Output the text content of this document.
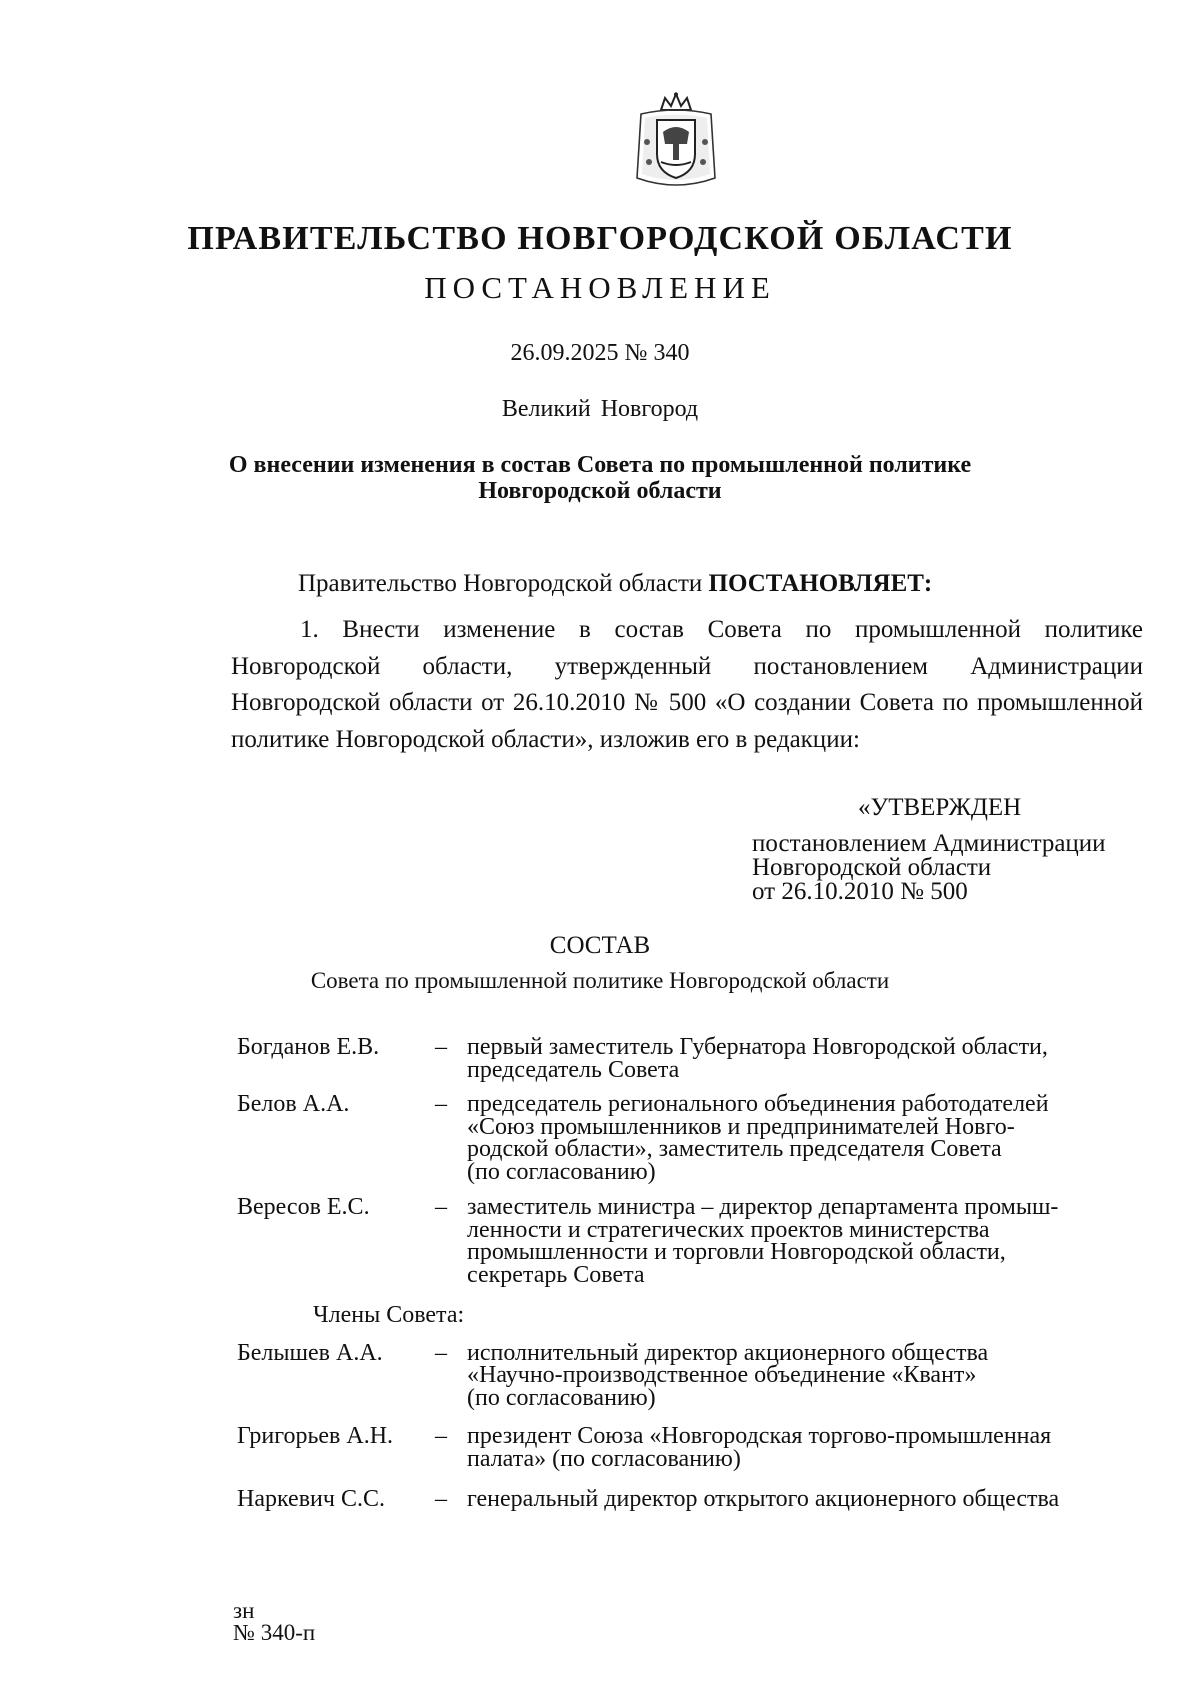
ПРАВИТЕЛЬСТВО НОВГОРОДСКОЙ ОБЛАСТИ
ПОСТАНОВЛЕНИЕ
26.09.2025 № 340
Великий Новгород
О внесении изменения в состав Совета по промышленной политике
Новгородской области
Правительство Новгородской области ПОСТАНОВЛЯЕТ:
1. Внести изменение в состав Совета по промышленной политике Новгородской области, утвержденный постановлением Администрации Новгородской области от 26.10.2010 № 500 «О создании Совета по промышленной политике Новгородской области», изложив его в редакции:
«УТВЕРЖДЕН
постановлением Администрации
Новгородской области
от 26.10.2010 № 500
СОСТАВ
Совета по промышленной политике Новгородской области
Богданов Е.В.	– первый заместитель Губернатора Новгородской области,
председатель Совета
Белов А.А.	– председатель регионального объединения работодателей
«Союз промышленников и предпринимателей Новго-
родской области», заместитель председателя Совета
(по согласованию)
Вересов Е.С.	– заместитель министра – директор департамента промыш-
ленности и стратегических проектов министерства
промышленности и торговли Новгородской области,
секретарь Совета
Члены Совета:
Белышев А.А.	– исполнительный директор акционерного общества
«Научно-производственное объединение «Квант»
(по согласованию)
Григорьев А.Н.	– президент Союза «Новгородская торгово-промышленная
палата» (по согласованию)
Наркевич С.С.	– генеральный директор открытого акционерного общества
зн
№ 340-п
